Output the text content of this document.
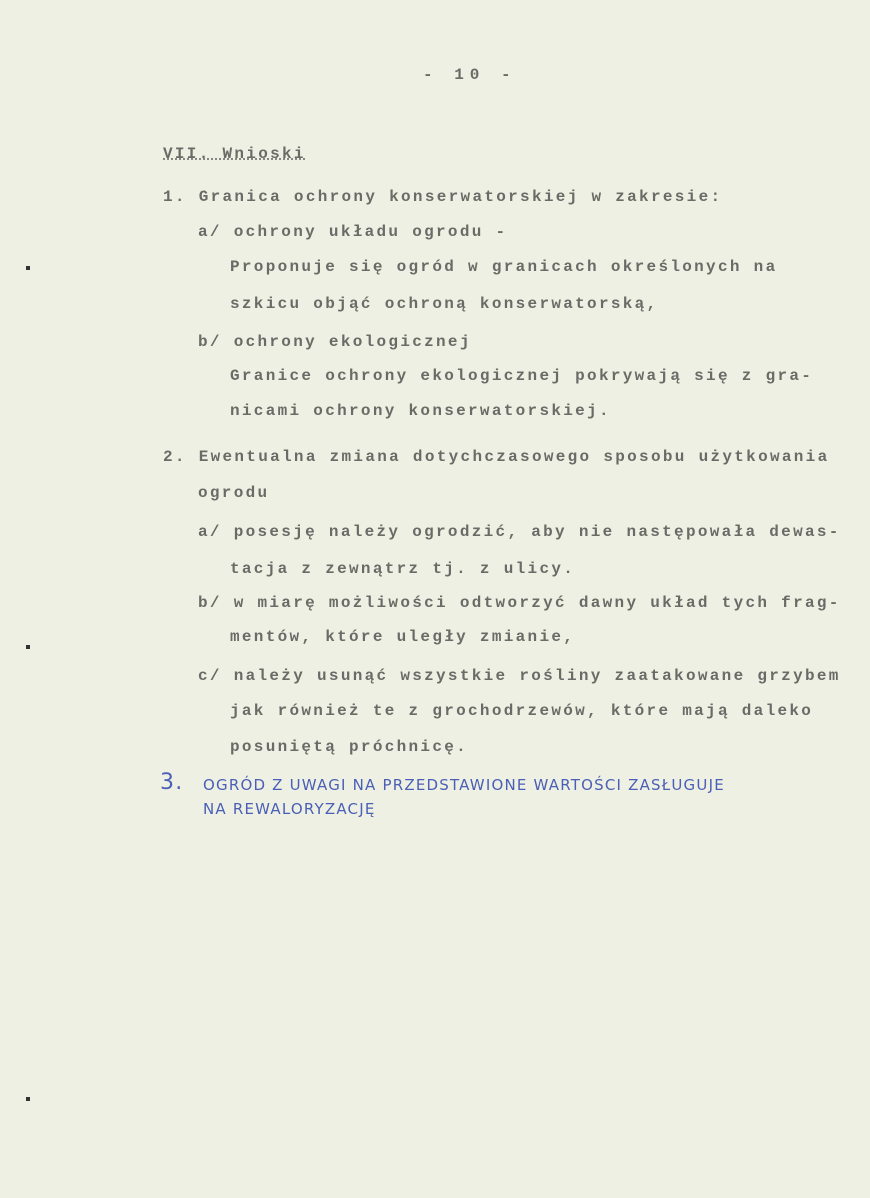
- 10 -
VII. Wnioski
1. Granica ochrony konserwatorskiej w zakresie:
a/ ochrony układu ogrodu -
Proponuje się ogród w granicach określonych na
szkicu objąć ochroną konserwatorską,
b/ ochrony ekologicznej
Granice ochrony ekologicznej pokrywają się z gra-
nicami ochrony konserwatorskiej.
2. Ewentualna zmiana dotychczasowego sposobu użytkowania
ogrodu
a/ posesję należy ogrodzić, aby nie następowała dewas-
tacja z zewnątrz tj. z ulicy.
b/ w miarę możliwości odtworzyć dawny układ tych frag-
mentów, które uległy zmianie,
c/ należy usunąć wszystkie rośliny zaatakowane grzybem
jak również te z grochodrzewów, które mają daleko
posuniętą próchnicę.
3. OGRÓD Z UWAGI NA PRZEDSTAWIONE WARTOŚCI ZASŁUGUJE
NA REWALORYZACJĘ
